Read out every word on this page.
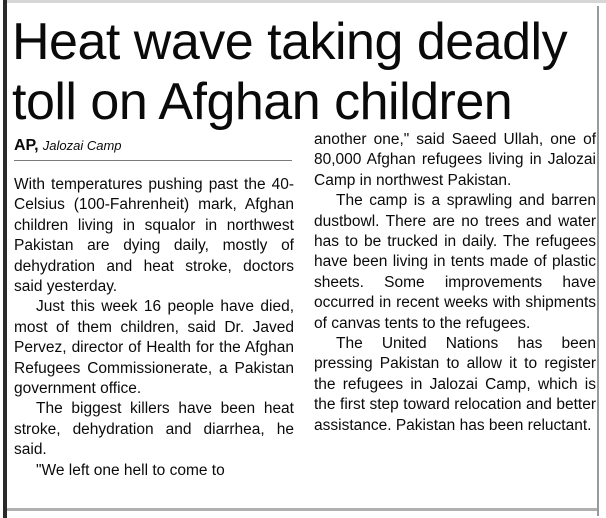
Heat wave taking deadly
toll on Afghan children
AP, Jalozai Camp

With temperatures pushing past the 40-Celsius (100-Fahrenheit) mark, Afghan children living in squalor in northwest Pakistan are dying daily, mostly of dehydration and heat stroke, doctors said yesterday.

Just this week 16 people have died, most of them children, said Dr. Javed Pervez, director of Health for the Afghan Refugees Commissionerate, a Pakistan government office.

The biggest killers have been heat stroke, dehydration and diarrhea, he said.

"We left one hell to come to

another one," said Saeed Ullah, one of 80,000 Afghan refugees living in Jalozai Camp in northwest Pakistan.

The camp is a sprawling and barren dustbowl. There are no trees and water has to be trucked in daily. The refugees have been living in tents made of plastic sheets. Some improvements have occurred in recent weeks with shipments of canvas tents to the refugees.

The United Nations has been pressing Pakistan to allow it to register the refugees in Jalozai Camp, which is the first step toward relocation and better assistance. Pakistan has been reluctant.
